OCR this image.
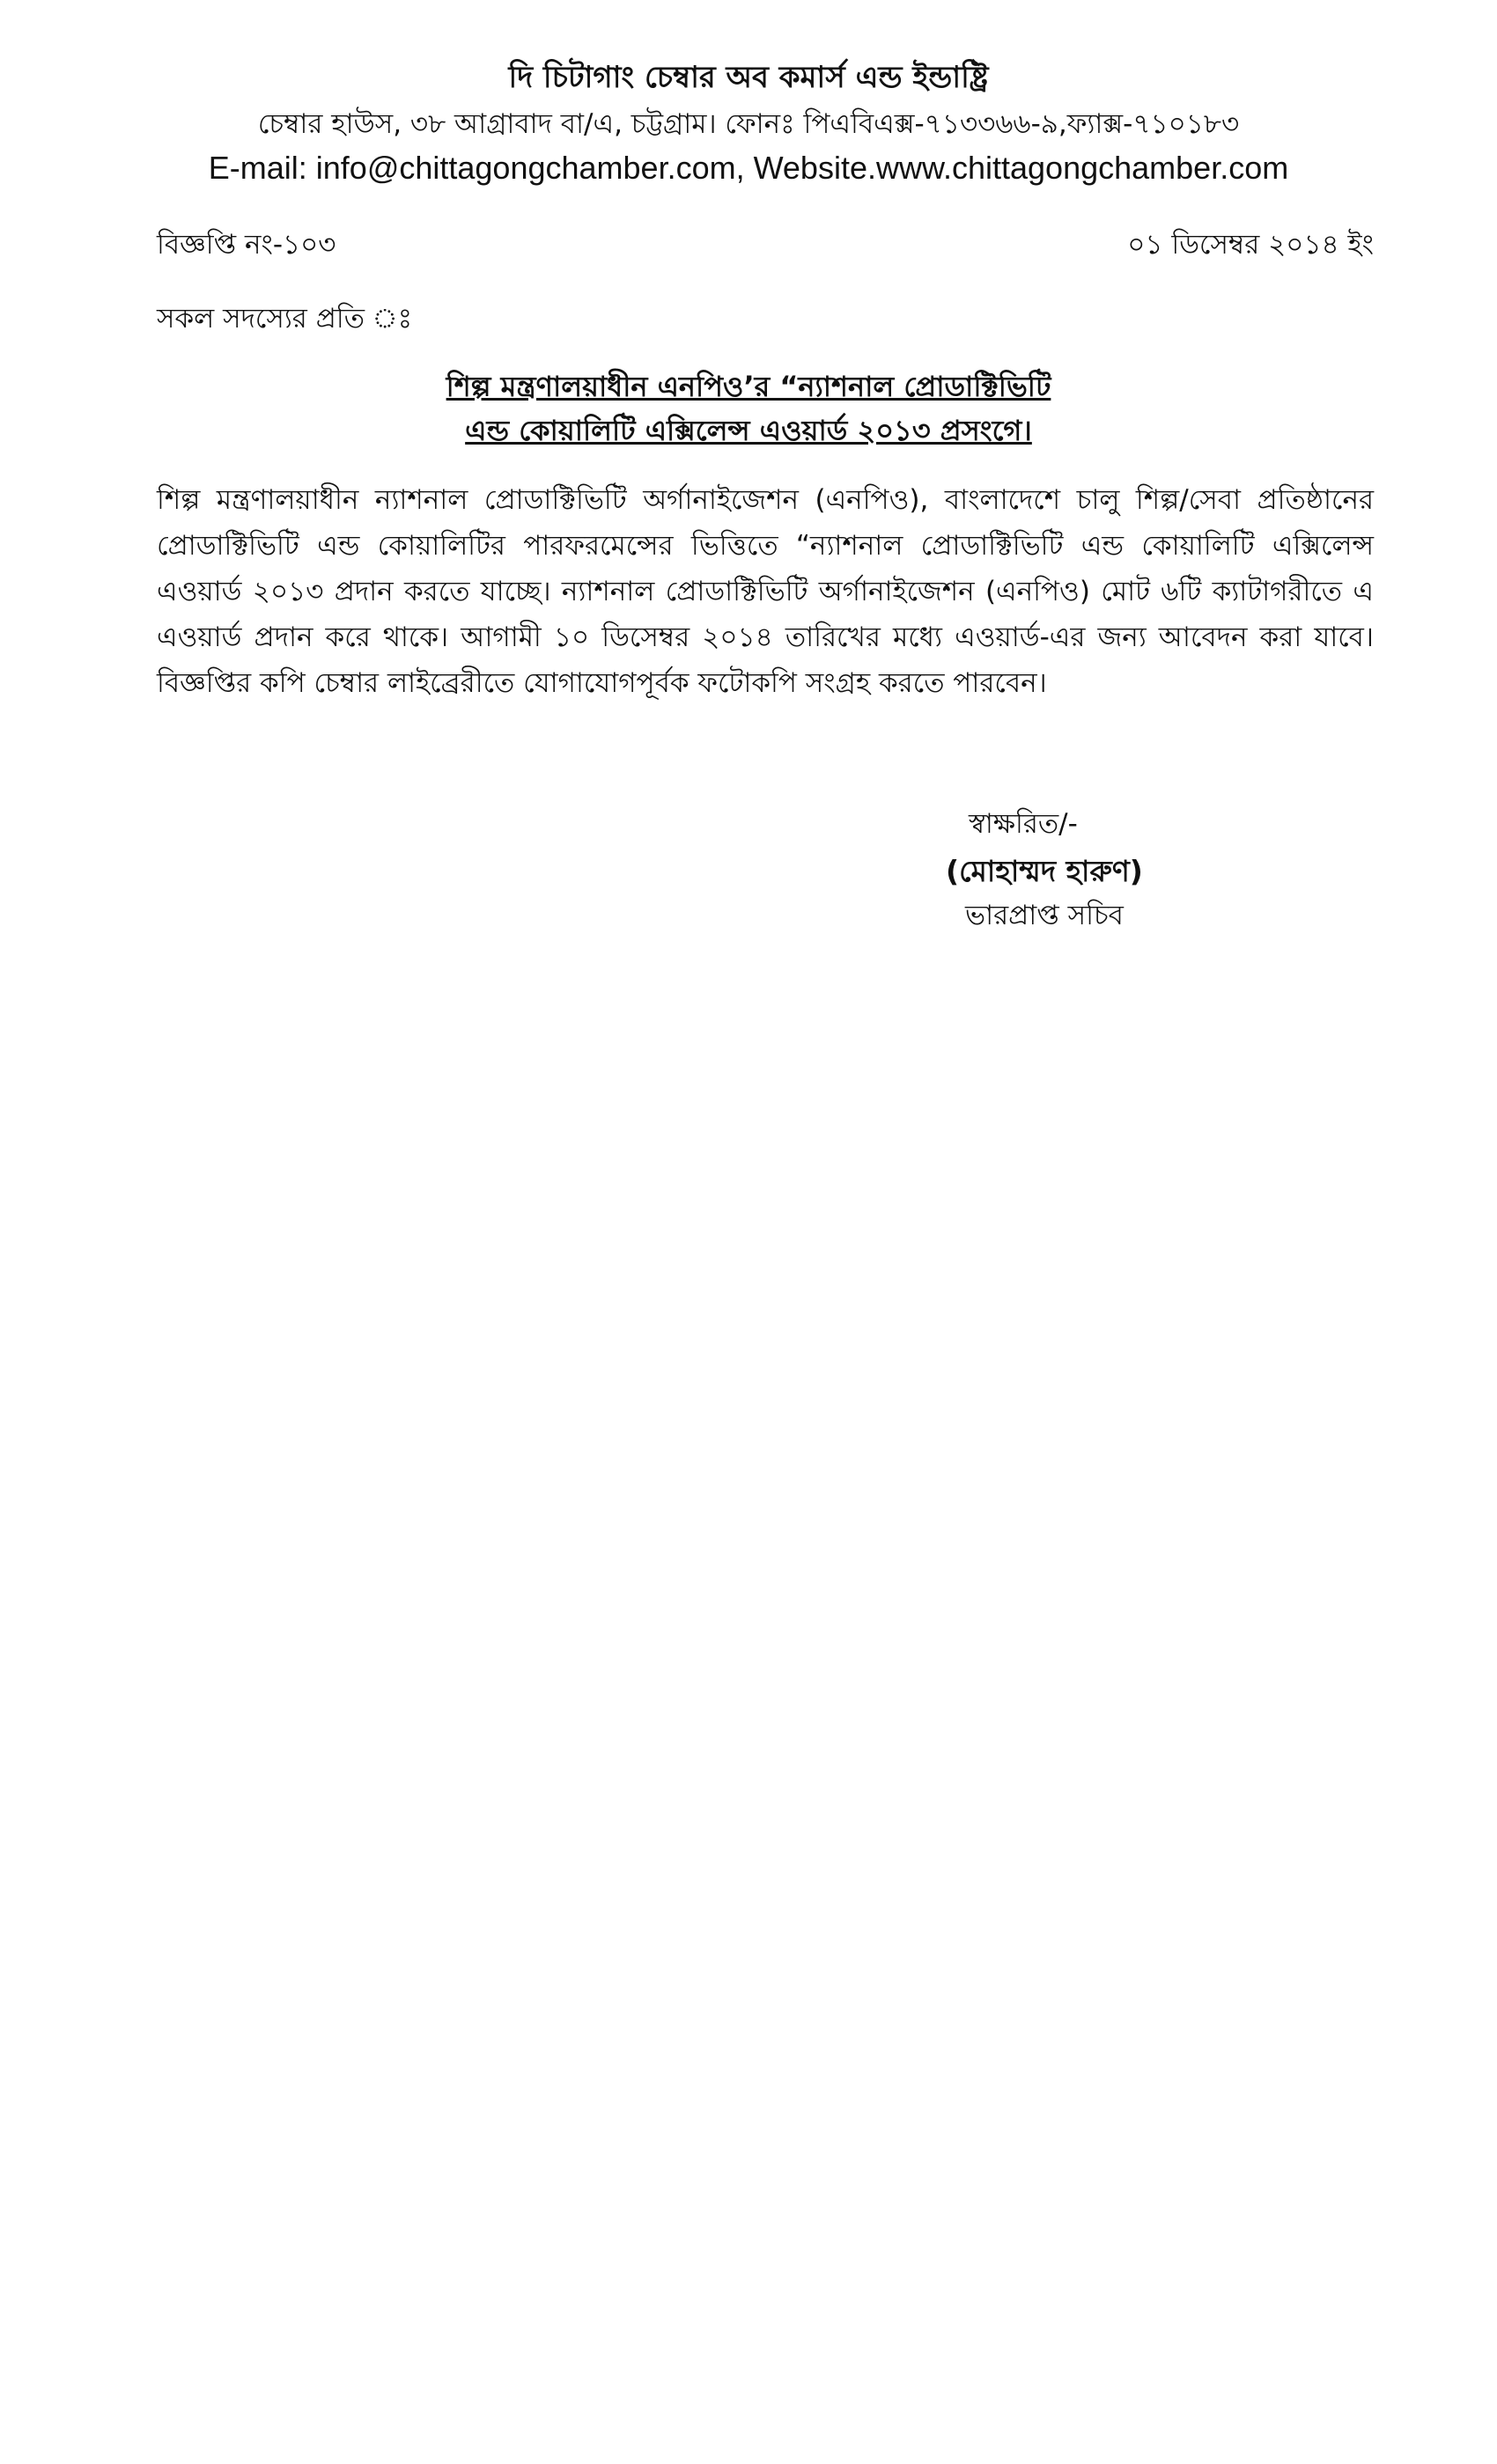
দি চিটাগাং চেম্বার অব কমার্স এন্ড ইন্ডাষ্ট্রি
চেম্বার হাউস, ৩৮ আগ্রাবাদ বা/এ, চট্টগ্রাম। ফোনঃ পিএবিএক্স-৭১৩৩৬৬-৯,ফ্যাক্স-৭১০১৮৩
E-mail: info@chittagongchamber.com, Website.www.chittagongchamber.com
বিজ্ঞপ্তি নং-১০৩	০১ ডিসেম্বর ২০১৪ ইং
সকল সদস্যের প্রতি ঃ
শিল্প মন্ত্রণালয়াধীন এনপিও’র “ন্যাশনাল প্রোডাক্টিভিটি
এন্ড কোয়ালিটি এক্সিলেন্স এওয়ার্ড ২০১৩ প্রসংগে।
শিল্প মন্ত্রণালয়াধীন ন্যাশনাল প্রোডাক্টিভিটি অর্গানাইজেশন (এনপিও), বাংলাদেশে চালু শিল্প/সেবা প্রতিষ্ঠানের প্রোডাক্টিভিটি এন্ড কোয়ালিটির পারফরমেন্সের ভিত্তিতে “ন্যাশনাল প্রোডাক্টিভিটি এন্ড কোয়ালিটি এক্সিলেন্স এওয়ার্ড ২০১৩ প্রদান করতে যাচ্ছে। ন্যাশনাল প্রোডাক্টিভিটি অর্গানাইজেশন (এনপিও) মোট ৬টি ক্যাটাগরীতে এ এওয়ার্ড প্রদান করে থাকে। আগামী ১০ ডিসেম্বর ২০১৪ তারিখের মধ্যে এওয়ার্ড-এর জন্য আবেদন করা যাবে। বিজ্ঞপ্তির কপি চেম্বার লাইব্রেরীতে যোগাযোগপূর্বক ফটোকপি সংগ্রহ করতে পারবেন।
স্বাক্ষরিত/-
(মোহাম্মদ হারুণ)
ভারপ্রাপ্ত সচিব
